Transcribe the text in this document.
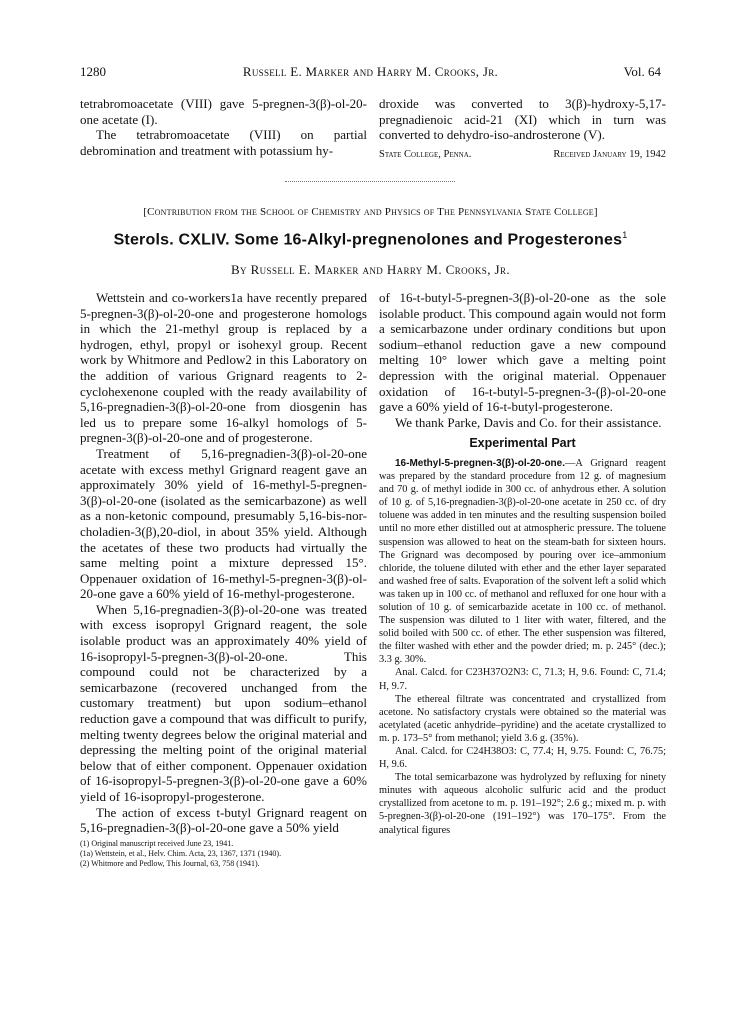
1280	Russell E. Marker and Harry M. Crooks, Jr.	Vol. 64

tetrabromoacetate (VIII) gave 5-pregnen-3(β)-ol-20-one acetate (I).

The tetrabromoacetate (VIII) on partial debromination and treatment with potassium hy-

droxide was converted to 3(β)-hydroxy-5,17-pregnadienoic acid-21 (XI) which in turn was converted to dehydro-iso-androsterone (V).

State College, Penna.	Received January 19, 1942
[Contribution from the School of Chemistry and Physics of The Pennsylvania State College]
Sterols. CXLIV. Some 16-Alkyl-pregnenolones and Progesterones$^1$
By Russell E. Marker and Harry M. Crooks, Jr.

Wettstein and co-workers1a have recently prepared 5-pregnen-3(β)-ol-20-one and progesterone homologs in which the 21-methyl group is replaced by a hydrogen, ethyl, propyl or isohexyl group. Recent work by Whitmore and Pedlow2 in this Laboratory on the addition of various Grignard reagents to 2-cyclohexenone coupled with the ready availability of 5,16-pregnadien-3(β)-ol-20-one from diosgenin has led us to prepare some 16-alkyl homologs of 5-pregnen-3(β)-ol-20-one and of progesterone.

Treatment of 5,16-pregnadien-3(β)-ol-20-one acetate with excess methyl Grignard reagent gave an approximately 30% yield of 16-methyl-5-pregnen-3(β)-ol-20-one (isolated as the semicarbazone) as well as a non-ketonic compound, presumably 5,16-bis-nor-choladien-3(β),20-diol, in about 35% yield. Although the acetates of these two products had virtually the same melting point a mixture depressed 15°. Oppenauer oxidation of 16-methyl-5-pregnen-3(β)-ol-20-one gave a 60% yield of 16-methyl-progesterone.

When 5,16-pregnadien-3(β)-ol-20-one was treated with excess isopropyl Grignard reagent, the sole isolable product was an approximately 40% yield of 16-isopropyl-5-pregnen-3(β)-ol-20-one. This compound could not be characterized by a semicarbazone (recovered unchanged from the customary treatment) but upon sodium–ethanol reduction gave a compound that was difficult to purify, melting twenty degrees below the original material and depressing the melting point of the original material below that of either component. Oppenauer oxidation of 16-isopropyl-5-pregnen-3(β)-ol-20-one gave a 60% yield of 16-isopropyl-progesterone.

The action of excess t-butyl Grignard reagent on 5,16-pregnadien-3(β)-ol-20-one gave a 50% yield

(1) Original manuscript received June 23, 1941.
(1a) Wettstein, et al., Helv. Chim. Acta, 23, 1367, 1371 (1940).
(2) Whitmore and Pedlow, This Journal, 63, 758 (1941).

of 16-t-butyl-5-pregnen-3(β)-ol-20-one as the sole isolable product. This compound again would not form a semicarbazone under ordinary conditions but upon sodium–ethanol reduction gave a new compound melting 10° lower which gave a melting point depression with the original material. Oppenauer oxidation of 16-t-butyl-5-pregnen-3-(β)-ol-20-one gave a 60% yield of 16-t-butyl-progesterone.

We thank Parke, Davis and Co. for their assistance.

Experimental Part

16-Methyl-5-pregnen-3(β)-ol-20-one.—A Grignard reagent was prepared by the standard procedure from 12 g. of magnesium and 70 g. of methyl iodide in 300 cc. of anhydrous ether. A solution of 10 g. of 5,16-pregnadien-3(β)-ol-20-one acetate in 250 cc. of dry toluene was added in ten minutes and the resulting suspension boiled until no more ether distilled out at atmospheric pressure. The toluene suspension was allowed to heat on the steam-bath for sixteen hours. The Grignard was decomposed by pouring over ice–ammonium chloride, the toluene diluted with ether and the ether layer separated and washed free of salts. Evaporation of the solvent left a solid which was taken up in 100 cc. of methanol and refluxed for one hour with a solution of 10 g. of semicarbazide acetate in 100 cc. of methanol. The suspension was diluted to 1 liter with water, filtered, and the solid boiled with 500 cc. of ether. The ether suspension was filtered, the filter washed with ether and the powder dried; m. p. 245° (dec.); 3.3 g. 30%.

Anal. Calcd. for C23H37O2N3: C, 71.3; H, 9.6. Found: C, 71.4; H, 9.7.

The ethereal filtrate was concentrated and crystallized from acetone. No satisfactory crystals were obtained so the material was acetylated (acetic anhydride–pyridine) and the acetate crystallized to m. p. 173–5° from methanol; yield 3.6 g. (35%).

Anal. Calcd. for C24H38O3: C, 77.4; H, 9.75. Found: C, 76.75; H, 9.6.

The total semicarbazone was hydrolyzed by refluxing for ninety minutes with aqueous alcoholic sulfuric acid and the product crystallized from acetone to m. p. 191–192°; 2.6 g.; mixed m. p. with 5-pregnen-3(β)-ol-20-one (191–192°) was 170–175°. From the analytical figures
